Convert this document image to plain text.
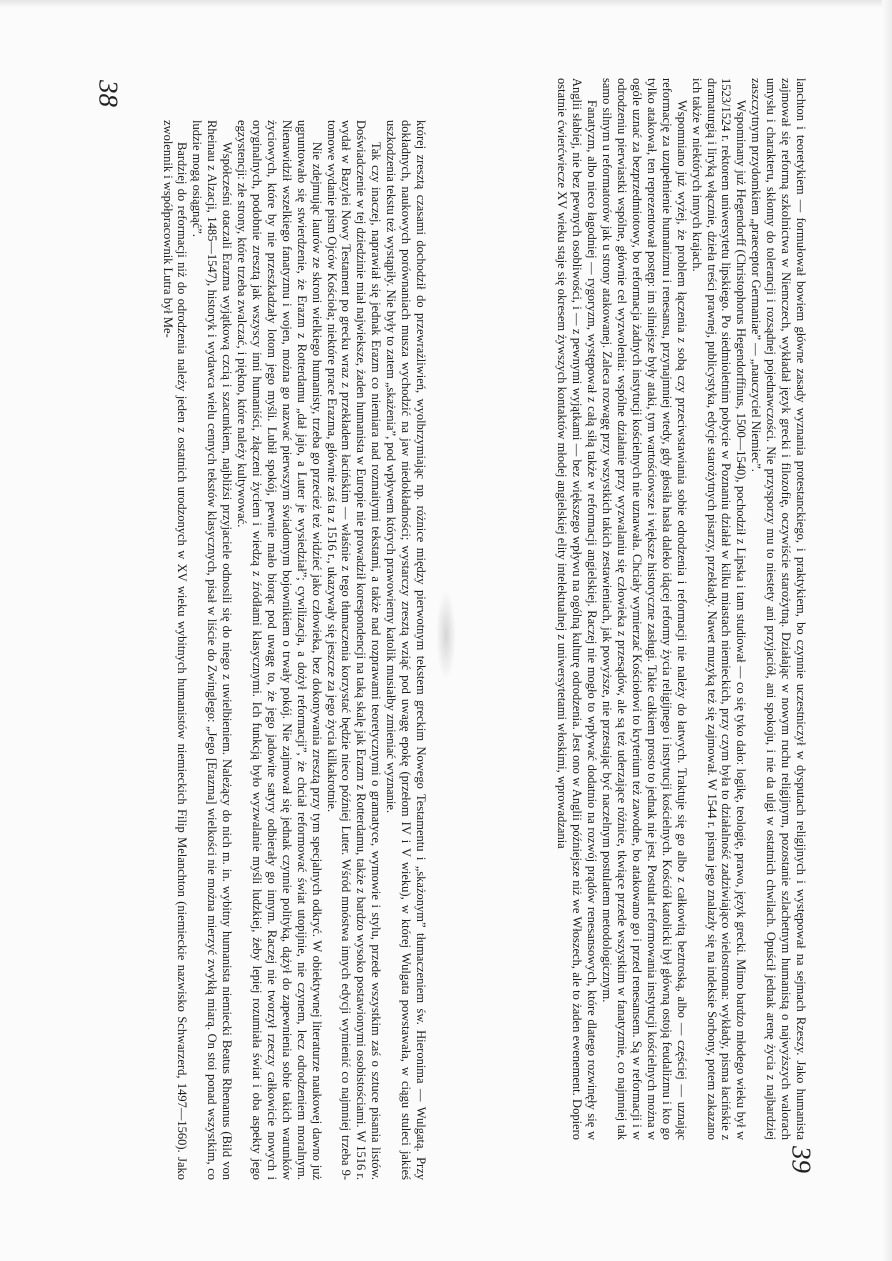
38
39

której zresztą czasami dochodził do przewrażliwień, wyolbrzymiając np. różnice między pierwotnym tekstem greckim Nowego Testamentu i „skażonym” tłumaczeniem św. Hieronima — Wulgatą. Przy dokładnych, naukowych porównaniach musza wychodzić na jaw niedokładności; wystarczy zresztą wziąć pod uwagę epokę (przełom IV i V wieku), w której Wulgata powstawała, w ciągu stuleci jakieś uszkodzenia tekstu też wystąpiły. Nie były to zatem „skażenia”, pod wpływem których prawowierny katolik musiałby zmieniać wyznanie.

Tak czy inaczej, naprawiał się jednak Erazm co niemiara nad rozmaitymi tekstami, a także nad rozprawami teoretycznymi o gramatyce, wymowie i stylu, przede wszystkim zaś o sztuce pisania listów. Doświadczenie w tej dziedzinie miał najwieksze, żaden humanista w Europie nie prowadził korespondencji na taką skalę jak Erazm z Rotterdamu, także z bardzo wysoko postawionymi osobistościami. W 1516 r. wydał w Bazylei Nowy Testament po grecku wraz z przekładem łacińskim — właśnie z tego tłumaczenia korzystać będzie nieco później Luter. Wśród mnóstwa innych edycji wymienić co najmniej trzeba 9-tomowe wydanie pism Ojców Kościoła; niektóre prace Erazma, głównie zaś ta z 1516 r., ukazywały się jeszcze za jego życia kilkakrotnie.

Nie zdejmując laurów ze skroni wielkiego humanisty, trzeba go przecież też widzieć jako człowieka, bez dokonywania zresztą przy tym specjalnych odkryć. W obiektywnej literaturze naukowej dawno już ugruntowało się stwierdzenie, że Erazm z Rotterdamu „dał jajo, a Luter je wysiedział”; cywilizacja, a dożył reformacji”, że chciał reformować świat utopijnie, nie czynem, lecz odrodzeniem moralnym. Nienawidził wszelkiego fanatyzmu i wojen, można go nazwać pierwszym świadomym bojownikiem o trwały pokój. Nie zajmował się jednak czynnie polityką, dążył do zapewnienia sobie takich warunków życiowych, które by nie przeszkadzały lotom jego myśli. Lubił spokój, pewnie mało biorąc pod uwagę to, że jego jadowite satyry odbierały go innym. Raczej nie tworzył rzeczy całkowicie nowych i oryginalnych, podobnie zresztą jak wszyscy inni humaniści, złączeni życiem i wiedzą z źródłami klasycznymi. Ich funkcją było wyzwalanie myśli ludzkiej, żeby lepiej rozumiała świat i oba aspekty jego egzystencji: złe strony, które trzeba zwalczać, i piękno, które należy kultywować.

Współcześni otaczali Erazma wyjątkową czcią i szacunkiem, najbliżsi przyjaciele odnosili się do niego z uwielbieniem. Należący do nich m. in. wybitny humanista niemiecki Beatus Rhenanus (Bild von Rheinau z Alzacji, 1485—1547), historyk i wydawca wielu cennych tekstów klasycznych, pisał w liście do Zwinglego: „Jego [Erazma] wielkości nie można mierzyć zwykłą miarą. On stoi ponad wszystkim, co ludzie mogą osiągnąć”.

Bardziej do reformacji niż do odrodzenia należy jeden z ostatnich urodzonych w XV wieku wybitnych humanistów niemieckich Filip Melanchton (niemieckie nazwisko Schwarzerd, 1497—1560). Jako zwolennik i współpracownik Lutra był Me-	lanchton i teoretykiem — formułował bowiem główne zasady wyznania protestanckiego, i praktykiem, bo czynnie uczestniczył w dysputach religijnych i występował na sejmach Rzeszy. Jako humanista zajmował się reformą szkolnictwa w Niemczech, wykładał język grecki i filozofię, oczywiście starożytną. Działając w nowym ruchu religijnym, pozostanie szlachetnym humanistą o najwyższych walorach umysłu i charakteru, skłonny do tolerancji i rozsądnej pojednawczości. Nie przysporzy mu to niestety ani przyjaciół, ani spokoju, i nie da ulgi w ostatnich chwilach. Opuścił jednak arenę życia z najbardziej zaszczytnym przydomkiem „praeceptor Germaniae” — „nauczyciel Niemiec”.

Wspominany już Hegendorff (Christophorus Hegendorffinus, 1500—1540), pochodził z Lipska i tam studiował — co się tyko dało: logikę, teologię, prawo, język grecki. Mimo bardzo młodego wieku był w 1523/1524 r. rektorem uniwersytetu lipskiego. Po siedmioletnim pobycie w Poznaniu działał w kilku miastach niemieckich, przy czym była to działalność zadziwiająco wielostronna: wykłady, pisma łacińskie z dramaturgią i liryką włącznie, dzieła treści prawnej, publicystyka, edycje starożytnych pisarzy, przekłady. Nawet muzyką też się zajmował. W 1544 r. pisma jego znalazły się na indeksie Sorbony, potem zakazano ich także w niektórych innych krajach.

Wspomniano już wyżej, że problem łączenia z sobą czy przeciwstawiania sobie odrodzenia i reformacji nie należy do łatwych. Traktuje się go albo z całkowitą beztroską, albo — częściej — uznając reformację za uzupełnienie humanizmu i renesansu, przynajmniej wtedy, gdy głosiła hasła daleko idącej reformy życia religijnego i instytucji kościelnych. Kościół katolicki był główną ostoją feudalizmu i kto go tylko atakował, ten reprezentował postęp: im silniejsze były ataki, tym wartościowsze i większe historyczne zasługi. Takie całkiem prosto to jednak nie jest. Postulat reformowania instytucji kościelnych można w ogóle uznać za bezprzedmiotowy, bo reformacja żadnych instytucji kościelnych nie uznawała. Chciały wymierzać Kościołowi to kryterium też zawodne, bo atakowano go i przed renesansem. Są w reformacji i w odrodzeniu pierwiastki wspólne, głównie cel wyzwolenia: wspólne działanie przy wyzwalaniu się człowieka z przesądów, ale są też uderzające różnice, tkwiące przede wszystkim w fanatyzmie, co najmniej tak samo silnym u reformatorów jak u strony atakowanej. Zaleca rozwagę przy wszystkich takich zestawieniach, jak powyższe, nie przestając być naczelnym postulatem metodologicznym.

Fanatyzm, albo nieco łagodniej — rygoryzm, występował z całą siłą także w reformacji angielskiej. Raczej nie mogło to wpływać dodatnio na rozwój prądów renesansowych, które dlatego rozwinęły się w Anglii słabiej, nie bez pewnych osobliwości, i — z pewnymi wyjątkami — bez większego wpływu na ogólną kulturę odrodzenia. Jest ono w Anglii późniejsze niż we Włoszech, ale to żaden ewenement. Dopiero ostatnie ćwierćwiecze XV wieku staje się okresem żywszych kontaktów młodej angielskiej elity intelektualnej z uniwersytetami włoskimi, wprowadzania
